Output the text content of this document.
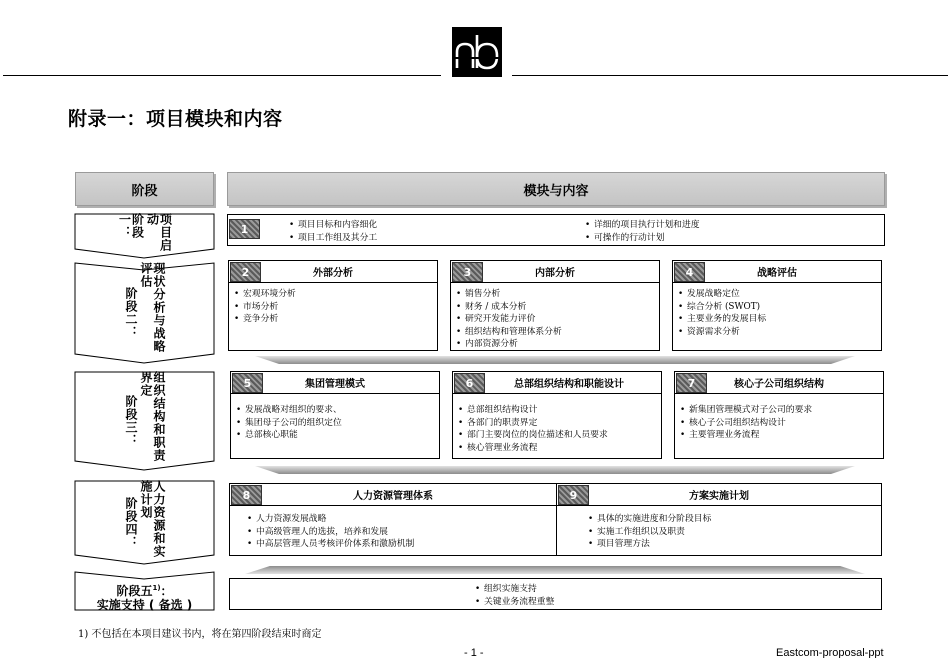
附录一：项目模块和内容
阶段	模块与内容
阶段一：	项目启动
1
•	项目目标和内容细化
• 项目工作组及其分工
• 详细的项目执行计划和进度
• 可操作的行动计划
阶段二：	现状分析与战略评估	外部分析
2
• 宏观环境分析
• 市场分析
• 竞争分析
内部分析
3
• 销售分析
• 财务 / 成本分析
• 研究开发能力评价
• 组织结构和管理体系分析
• 内部资源分析
战略评估
4
• 发展战略定位
• 综合分析 (SWOT)
• 主要业务的发展目标
• 资源需求分析
阶段三：	组织结构和职责界定	集团管理模式
5
• 发展战略对组织的要求、
• 集团母子公司的组织定位
• 总部核心职能
总部组织结构和职能设计
6
• 总部组织结构设计
• 各部门的职责界定
• 部门主要岗位的岗位描述和人员要求
• 核心管理业务流程
核心子公司组织结构
7
• 新集团管理模式对子公司的要求
• 核心子公司组织结构设计
• 主要管理业务流程
阶段四：	人力资源和实施计划	人力资源管理体系
8
• 人力资源发展战略
• 中高级管理人的选拔，培养和发展
• 中高层管理人员考核评价体系和激励机制
方案实施计划
9
• 具体的实施进度和分阶段目标
• 实施工作组织以及职责
• 项目管理方法
阶段五$^{1)}$：
实施支持 ( 备选 )
• 组织实施支持
• 关键业务流程重整
1) 不包括在本项目建议书内，将在第四阶段结束时商定
- 1 -	Eastcom-proposal-ppt
